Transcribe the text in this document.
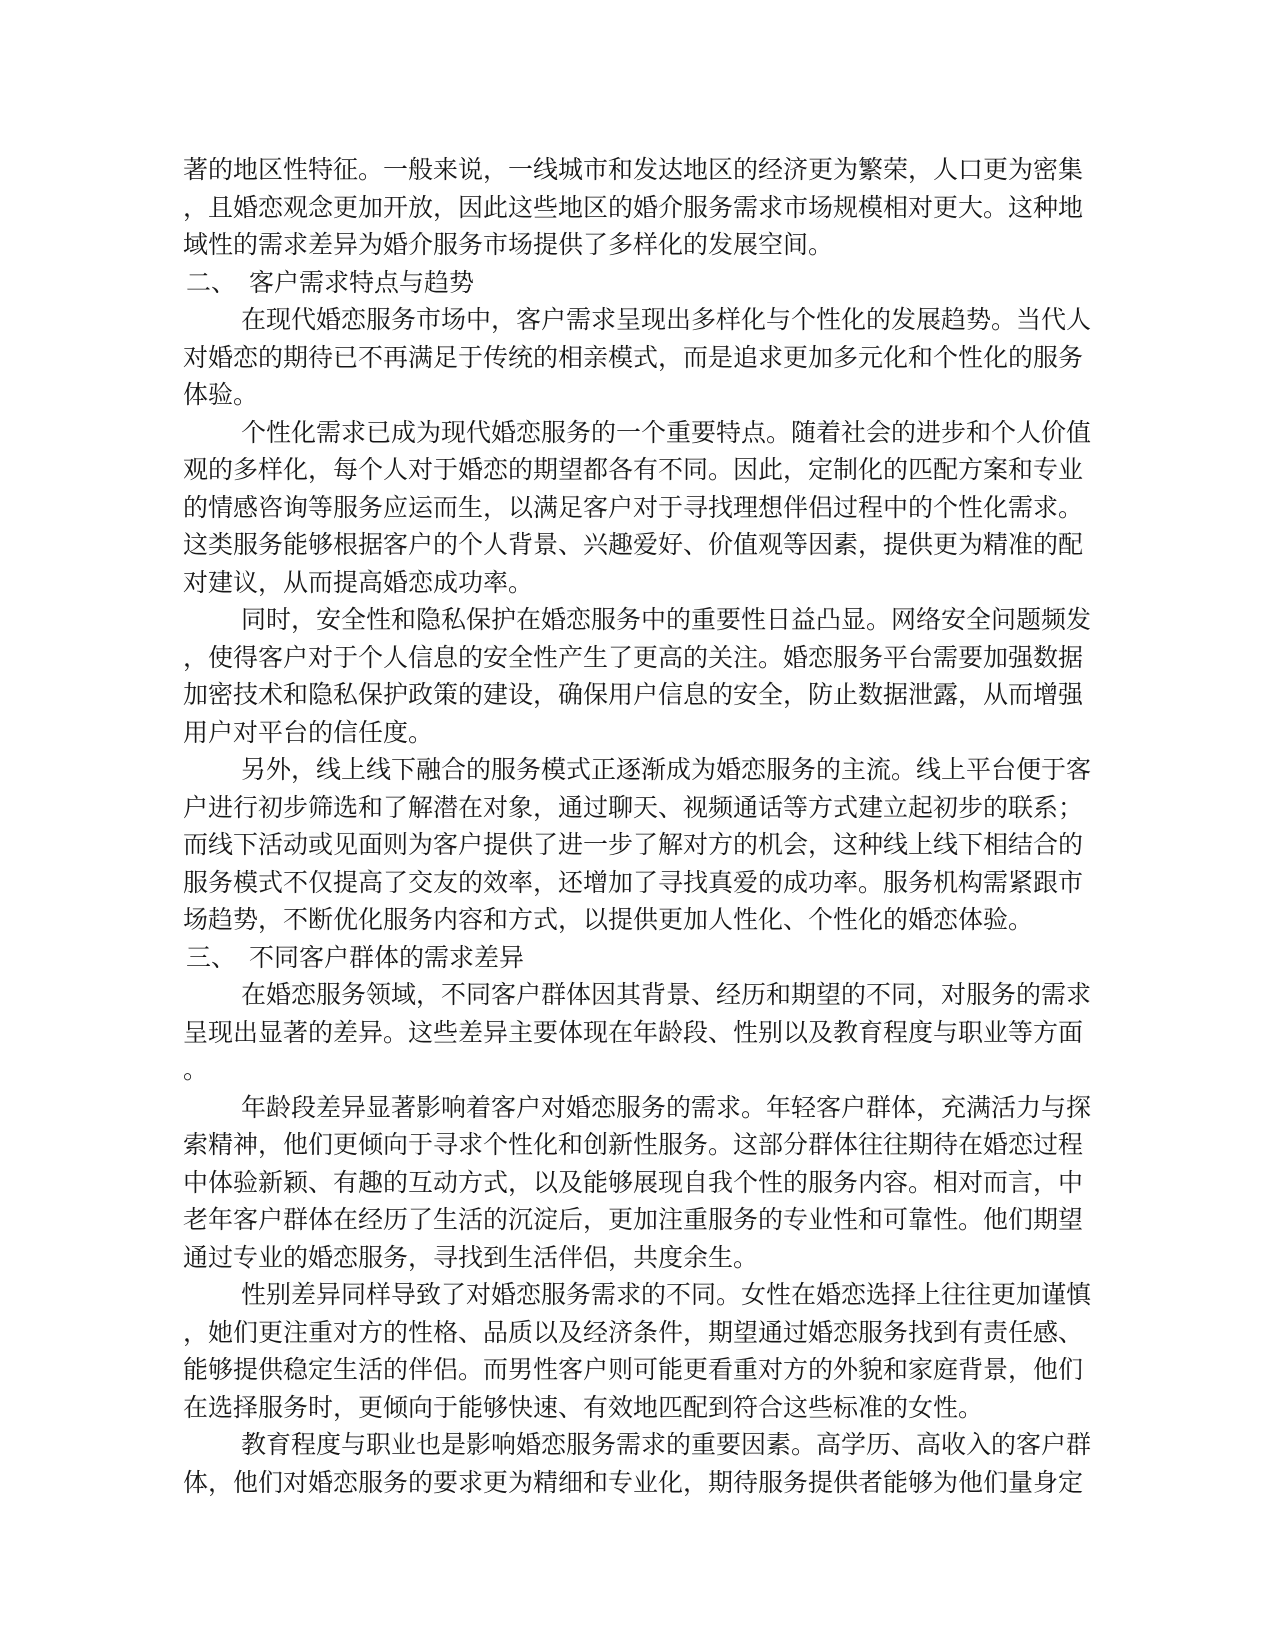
著的地区性特征。一般来说，一线城市和发达地区的经济更为繁荣，人口更为密集
，且婚恋观念更加开放，因此这些地区的婚介服务需求市场规模相对更大。这种地
域性的需求差异为婚介服务市场提供了多样化的发展空间。
二、 客户需求特点与趋势
在现代婚恋服务市场中，客户需求呈现出多样化与个性化的发展趋势。当代人
对婚恋的期待已不再满足于传统的相亲模式，而是追求更加多元化和个性化的服务
体验。
个性化需求已成为现代婚恋服务的一个重要特点。随着社会的进步和个人价值
观的多样化，每个人对于婚恋的期望都各有不同。因此，定制化的匹配方案和专业
的情感咨询等服务应运而生，以满足客户对于寻找理想伴侣过程中的个性化需求。
这类服务能够根据客户的个人背景、兴趣爱好、价值观等因素，提供更为精准的配
对建议，从而提高婚恋成功率。
同时，安全性和隐私保护在婚恋服务中的重要性日益凸显。网络安全问题频发
，使得客户对于个人信息的安全性产生了更高的关注。婚恋服务平台需要加强数据
加密技术和隐私保护政策的建设，确保用户信息的安全，防止数据泄露，从而增强
用户对平台的信任度。
另外，线上线下融合的服务模式正逐渐成为婚恋服务的主流。线上平台便于客
户进行初步筛选和了解潜在对象，通过聊天、视频通话等方式建立起初步的联系；
而线下活动或见面则为客户提供了进一步了解对方的机会，这种线上线下相结合的
服务模式不仅提高了交友的效率，还增加了寻找真爱的成功率。服务机构需紧跟市
场趋势，不断优化服务内容和方式，以提供更加人性化、个性化的婚恋体验。
三、 不同客户群体的需求差异
在婚恋服务领域，不同客户群体因其背景、经历和期望的不同，对服务的需求
呈现出显著的差异。这些差异主要体现在年龄段、性别以及教育程度与职业等方面
。
年龄段差异显著影响着客户对婚恋服务的需求。年轻客户群体，充满活力与探
索精神，他们更倾向于寻求个性化和创新性服务。这部分群体往往期待在婚恋过程
中体验新颖、有趣的互动方式，以及能够展现自我个性的服务内容。相对而言，中
老年客户群体在经历了生活的沉淀后，更加注重服务的专业性和可靠性。他们期望
通过专业的婚恋服务，寻找到生活伴侣，共度余生。
性别差异同样导致了对婚恋服务需求的不同。女性在婚恋选择上往往更加谨慎
，她们更注重对方的性格、品质以及经济条件，期望通过婚恋服务找到有责任感、
能够提供稳定生活的伴侣。而男性客户则可能更看重对方的外貌和家庭背景，他们
在选择服务时，更倾向于能够快速、有效地匹配到符合这些标准的女性。
教育程度与职业也是影响婚恋服务需求的重要因素。高学历、高收入的客户群
体，他们对婚恋服务的要求更为精细和专业化，期待服务提供者能够为他们量身定
